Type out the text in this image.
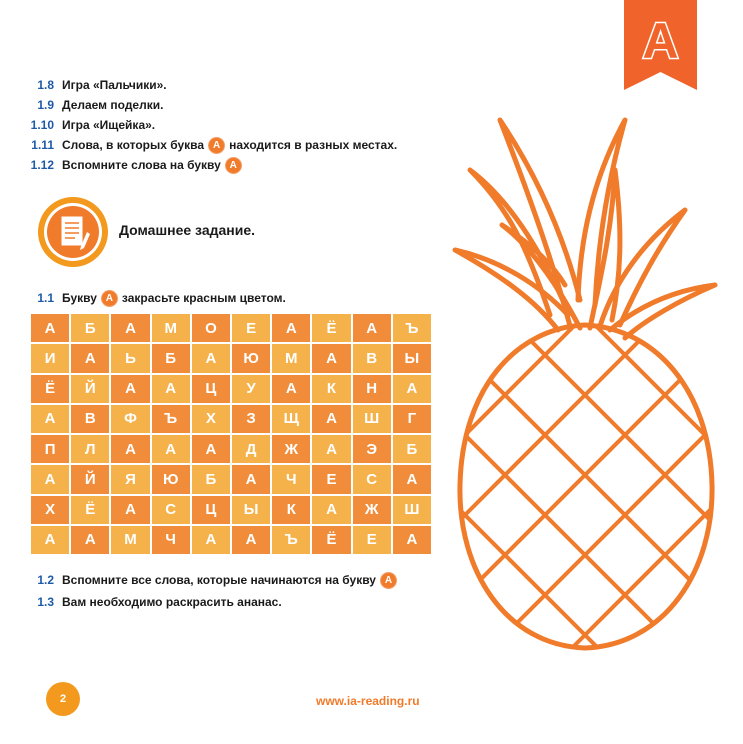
А
1.8 Игра «Пальчики».
1.9 Делаем поделки.
1.10 Игра «Ищейка».
1.11 Слова, в которых буква А находится в разных местах.
1.12 Вспомните слова на букву А
Домашнее задание.
1.1 Букву А закрасьте красным цветом.
А	Б	А	М	О	Е	А	Ё	А	Ъ
И	А	Ь	Б	А	Ю	М	А	В	Ы
Ё	Й	А	А	Ц	У	А	К	Н	А
А	В	Ф	Ъ	Х	З	Щ	А	Ш	Г
П	Л	А	А	А	Д	Ж	А	Э	Б
А	Й	Я	Ю	Б	А	Ч	Е	С	А
Х	Ё	А	С	Ц	Ы	К	А	Ж	Ш
А	А	М	Ч	А	А	Ъ	Ё	Е	А
1.2 Вспомните все слова, которые начинаются на букву А
1.3 Вам необходимо раскрасить ананас.
2	www.ia-reading.ru
